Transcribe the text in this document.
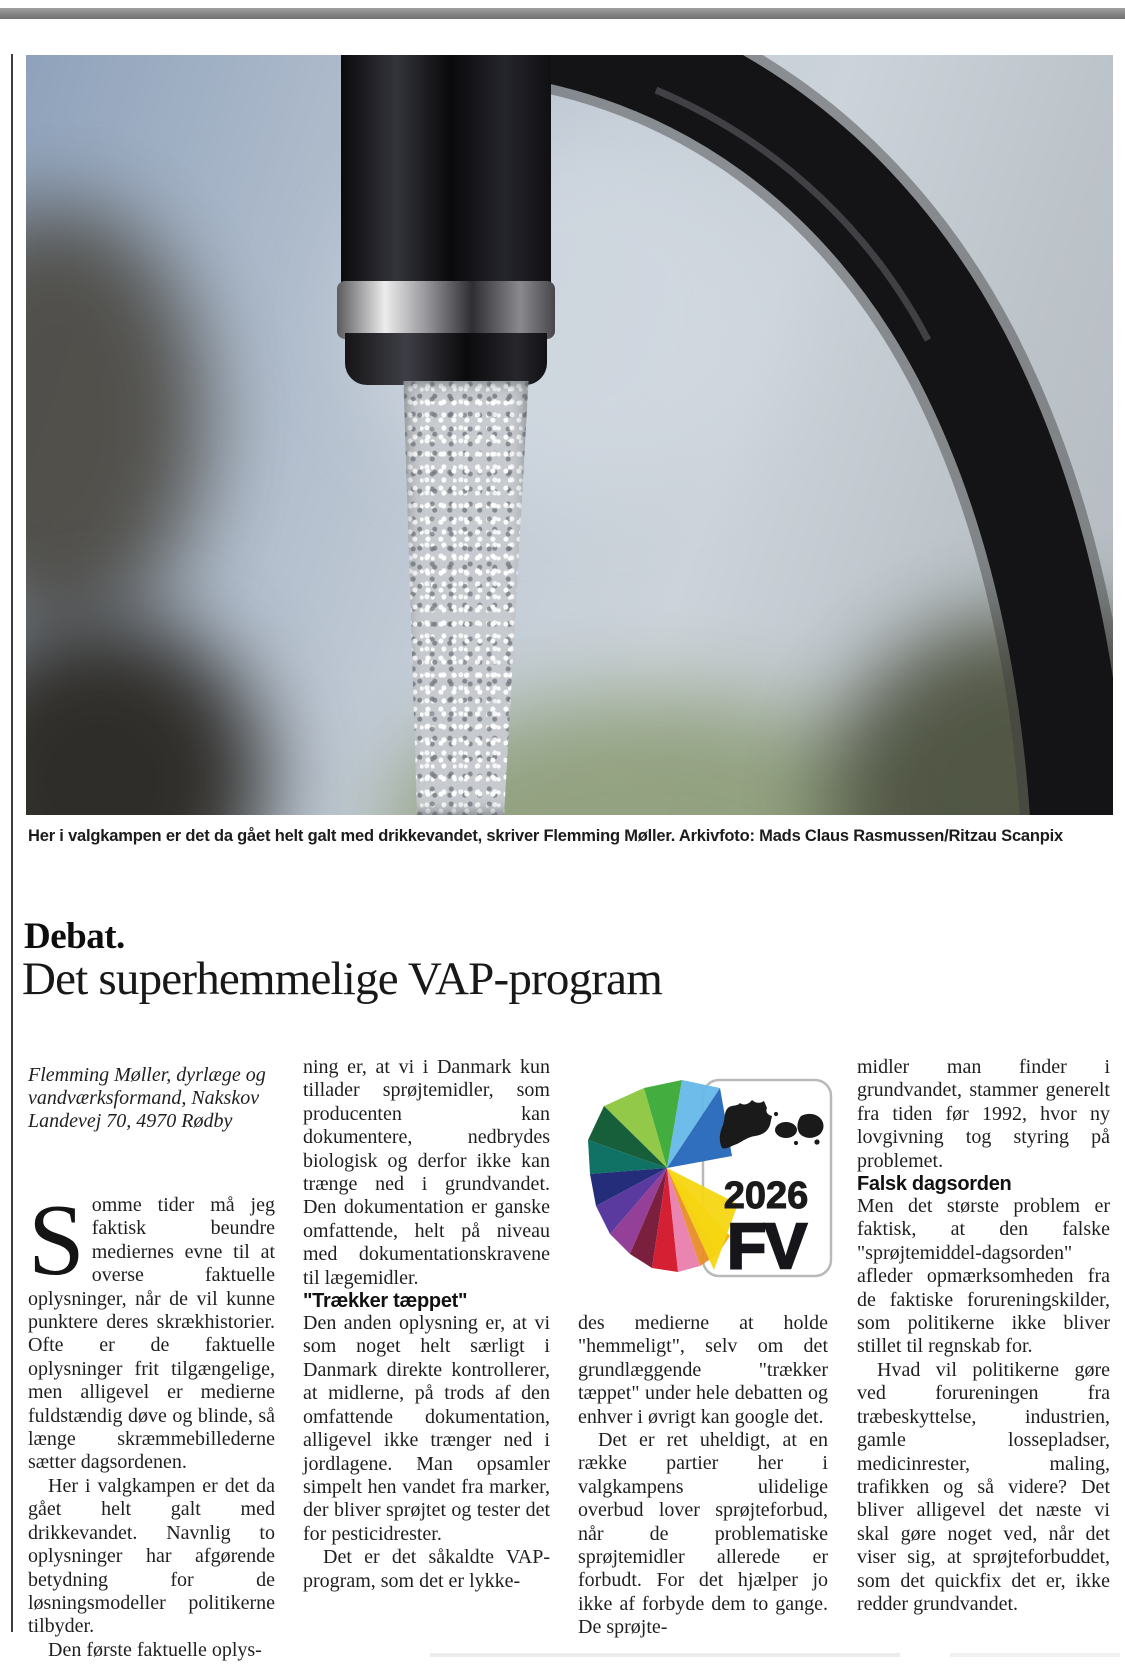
Her i valgkampen er det da gået helt galt med drikkevandet, skriver Flemming Møller. Arkivfoto: Mads Claus Rasmussen/Ritzau Scanpix
Debat.
Det superhemmelige VAP-program
Flemming Møller, dyrlæge og vandværksformand, Nakskov Landevej 70, 4970 Rødby

Somme tider må jeg faktisk beundre mediernes evne til at overse faktuelle oplysninger, når de vil kunne punktere deres skrækhistorier. Ofte er de faktuelle oplysninger frit tilgængelige, men alligevel er medierne fuldstændig døve og blinde, så længe skræmmebillederne sætter dagsordenen.

Her i valgkampen er det da gået helt galt med drikkevandet. Navnlig to oplysninger har afgørende betydning for de løsningsmodeller politikerne tilbyder.

Den første faktuelle oplys-

ning er, at vi i Danmark kun tillader sprøjtemidler, som producenten kan dokumentere, nedbrydes biologisk og derfor ikke kan trænge ned i grundvandet. Den dokumentation er ganske omfattende, helt på niveau med dokumentationskravene til lægemidler.

"Trækker tæppet"

Den anden oplysning er, at vi som noget helt særligt i Danmark direkte kontrollerer, at midlerne, på trods af den omfattende dokumentation, alligevel ikke trænger ned i jordlagene. Man opsamler simpelt hen vandet fra marker, der bliver sprøjtet og tester det for pesticidrester.

Det er det såkaldte VAP-program, som det er lykke-

2026
FV

des medierne at holde "hemmeligt", selv om det grundlæggende "trækker tæppet" under hele debatten og enhver i øvrigt kan google det.

Det er ret uheldigt, at en række partier her i valgkampens ulidelige overbud lover sprøjteforbud, når de problematiske sprøjtemidler allerede er forbudt. For det hjælper jo ikke af forbyde dem to gange. De sprøjte-

midler man finder i grundvandet, stammer generelt fra tiden før 1992, hvor ny lovgivning tog styring på problemet.

Falsk dagsorden

Men det største problem er faktisk, at den falske "sprøjtemiddel-dagsorden" afleder opmærksomheden fra de faktiske forureningskilder, som politikerne ikke bliver stillet til regnskab for.

Hvad vil politikerne gøre ved forureningen fra træbeskyttelse, industrien, gamle lossepladser, medicinrester, maling, trafikken og så videre? Det bliver alligevel det næste vi skal gøre noget ved, når det viser sig, at sprøjteforbuddet, som det quickfix det er, ikke redder grundvandet.
